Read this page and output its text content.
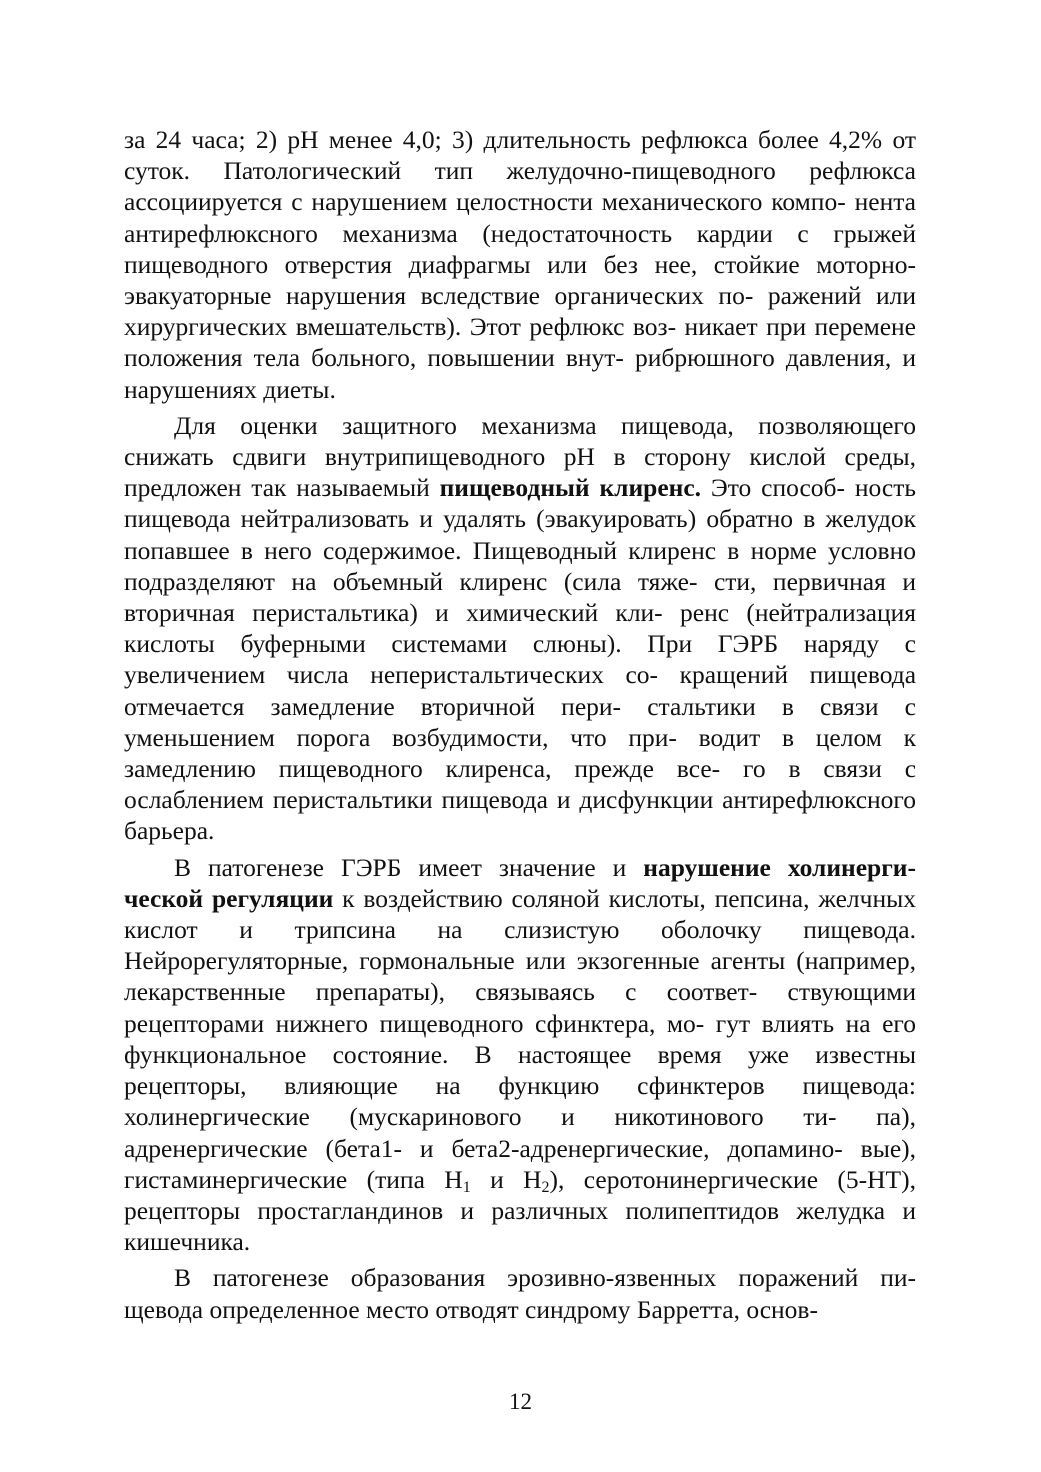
за 24 часа; 2) pH менее 4,0; 3) длительность рефлюкса более 4,2% от суток. Патологический тип желудочно-пищеводного рефлюкса ассоциируется с нарушением целостности механического компо- нента антирефлюксного механизма (недостаточность кардии с грыжей пищеводного отверстия диафрагмы или без нее, стойкие моторно-эвакуаторные нарушения вследствие органических по- ражений или хирургических вмешательств). Этот рефлюкс воз- никает при перемене положения тела больного, повышении внут- рибрюшного давления, и нарушениях диеты.

Для оценки защитного механизма пищевода, позволяющего снижать сдвиги внутрипищеводного pH в сторону кислой среды, предложен так называемый пищеводный клиренс. Это способ- ность пищевода нейтрализовать и удалять (эвакуировать) обратно в желудок попавшее в него содержимое. Пищеводный клиренс в норме условно подразделяют на объемный клиренс (сила тяже- сти, первичная и вторичная перистальтика) и химический кли- ренс (нейтрализация кислоты буферными системами слюны). При ГЭРБ наряду с увеличением числа неперистальтических со- кращений пищевода отмечается замедление вторичной пери- стальтики в связи с уменьшением порога возбудимости, что при- водит в целом к замедлению пищеводного клиренса, прежде все- го в связи с ослаблением перистальтики пищевода и дисфункции антирефлюксного барьера.

В патогенезе ГЭРБ имеет значение и нарушение холинерги- ческой регуляции к воздействию соляной кислоты, пепсина, желчных кислот и трипсина на слизистую оболочку пищевода. Нейрорегуляторные, гормональные или экзогенные агенты (например, лекарственные препараты), связываясь с соответ- ствующими рецепторами нижнего пищеводного сфинктера, мо- гут влиять на его функциональное состояние. В настоящее время уже известны рецепторы, влияющие на функцию сфинктеров пищевода: холинергические (мускаринового и никотинового ти- па), адренергические (бета1- и бета2-адренергические, допамино- вые), гистаминергические (типа $Н_1$ и $Н_2$), серотонинергические (5-НТ), рецепторы простагландинов и различных полипептидов желудка и кишечника.

В патогенезе образования эрозивно-язвенных поражений пи- щевода определенное место отводят синдрому Барретта, основ-

12
